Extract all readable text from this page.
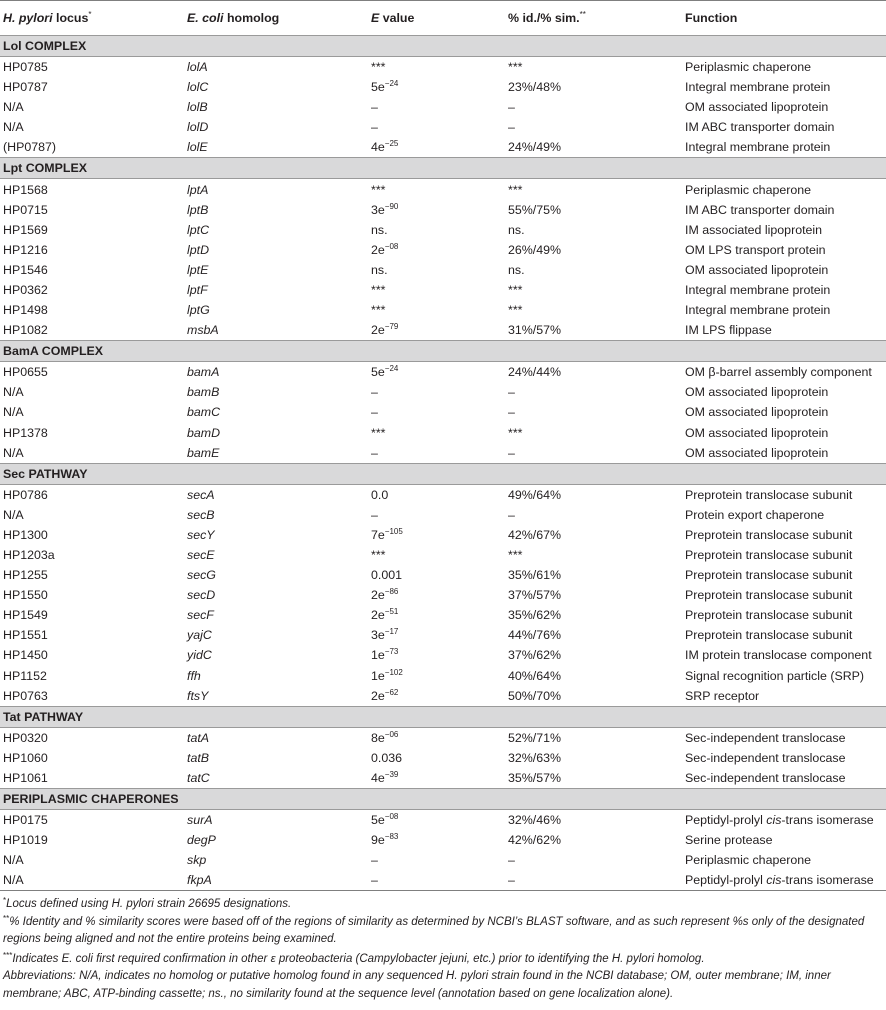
H. pylori locus*	E. coli homolog	E value	% id./% sim.**	Function
Lol COMPLEX				
HP0785	lolA	***	***	Periplasmic chaperone
HP0787	lolC	$5e^{-24}$	23%/48%	Integral membrane protein
N/A	lolB	–	–	OM associated lipoprotein
N/A	lolD	–	–	IM ABC transporter domain
(HP0787)	lolE	$4e^{-25}$	24%/49%	Integral membrane protein
Lpt COMPLEX				
HP1568	lptA	***	***	Periplasmic chaperone
HP0715	lptB	$3e^{-90}$	55%/75%	IM ABC transporter domain
HP1569	lptC	ns.	ns.	IM associated lipoprotein
HP1216	lptD	$2e^{-08}$	26%/49%	OM LPS transport protein
HP1546	lptE	ns.	ns.	OM associated lipoprotein
HP0362	lptF	***	***	Integral membrane protein
HP1498	lptG	***	***	Integral membrane protein
HP1082	msbA	$2e^{-79}$	31%/57%	IM LPS flippase
BamA COMPLEX				
HP0655	bamA	$5e^{-24}$	24%/44%	OM β-barrel assembly component
N/A	bamB	–	–	OM associated lipoprotein
N/A	bamC	–	–	OM associated lipoprotein
HP1378	bamD	***	***	OM associated lipoprotein
N/A	bamE	–	–	OM associated lipoprotein
Sec PATHWAY				
HP0786	secA	0.0	49%/64%	Preprotein translocase subunit
N/A	secB	–	–	Protein export chaperone
HP1300	secY	$7e^{-105}$	42%/67%	Preprotein translocase subunit
HP1203a	secE	***	***	Preprotein translocase subunit
HP1255	secG	0.001	35%/61%	Preprotein translocase subunit
HP1550	secD	$2e^{-86}$	37%/57%	Preprotein translocase subunit
HP1549	secF	$2e^{-51}$	35%/62%	Preprotein translocase subunit
HP1551	yajC	$3e^{-17}$	44%/76%	Preprotein translocase subunit
HP1450	yidC	$1e^{-73}$	37%/62%	IM protein translocase component
HP1152	ffh	$1e^{-102}$	40%/64%	Signal recognition particle (SRP)
HP0763	ftsY	$2e^{-62}$	50%/70%	SRP receptor
Tat PATHWAY				
HP0320	tatA	$8e^{-06}$	52%/71%	Sec-independent translocase
HP1060	tatB	0.036	32%/63%	Sec-independent translocase
HP1061	tatC	$4e^{-39}$	35%/57%	Sec-independent translocase
PERIPLASMIC CHAPERONES				
HP0175	surA	$5e^{-08}$	32%/46%	Peptidyl-prolyl cis-trans isomerase
HP1019	degP	$9e^{-83}$	42%/62%	Serine protease
N/A	skp	–	–	Periplasmic chaperone
N/A	fkpA	–	–	Peptidyl-prolyl cis-trans isomerase

*Locus defined using H. pylori strain 26695 designations.

**% Identity and % similarity scores were based off of the regions of similarity as determined by NCBI’s BLAST software, and as such represent %s only of the designated regions being aligned and not the entire proteins being examined.

***Indicates E. coli first required confirmation in other ε proteobacteria (Campylobacter jejuni, etc.) prior to identifying the H. pylori homolog.

Abbreviations: N/A, indicates no homolog or putative homolog found in any sequenced H. pylori strain found in the NCBI database; OM, outer membrane; IM, inner membrane; ABC, ATP-binding cassette; ns., no similarity found at the sequence level (annotation based on gene localization alone).
